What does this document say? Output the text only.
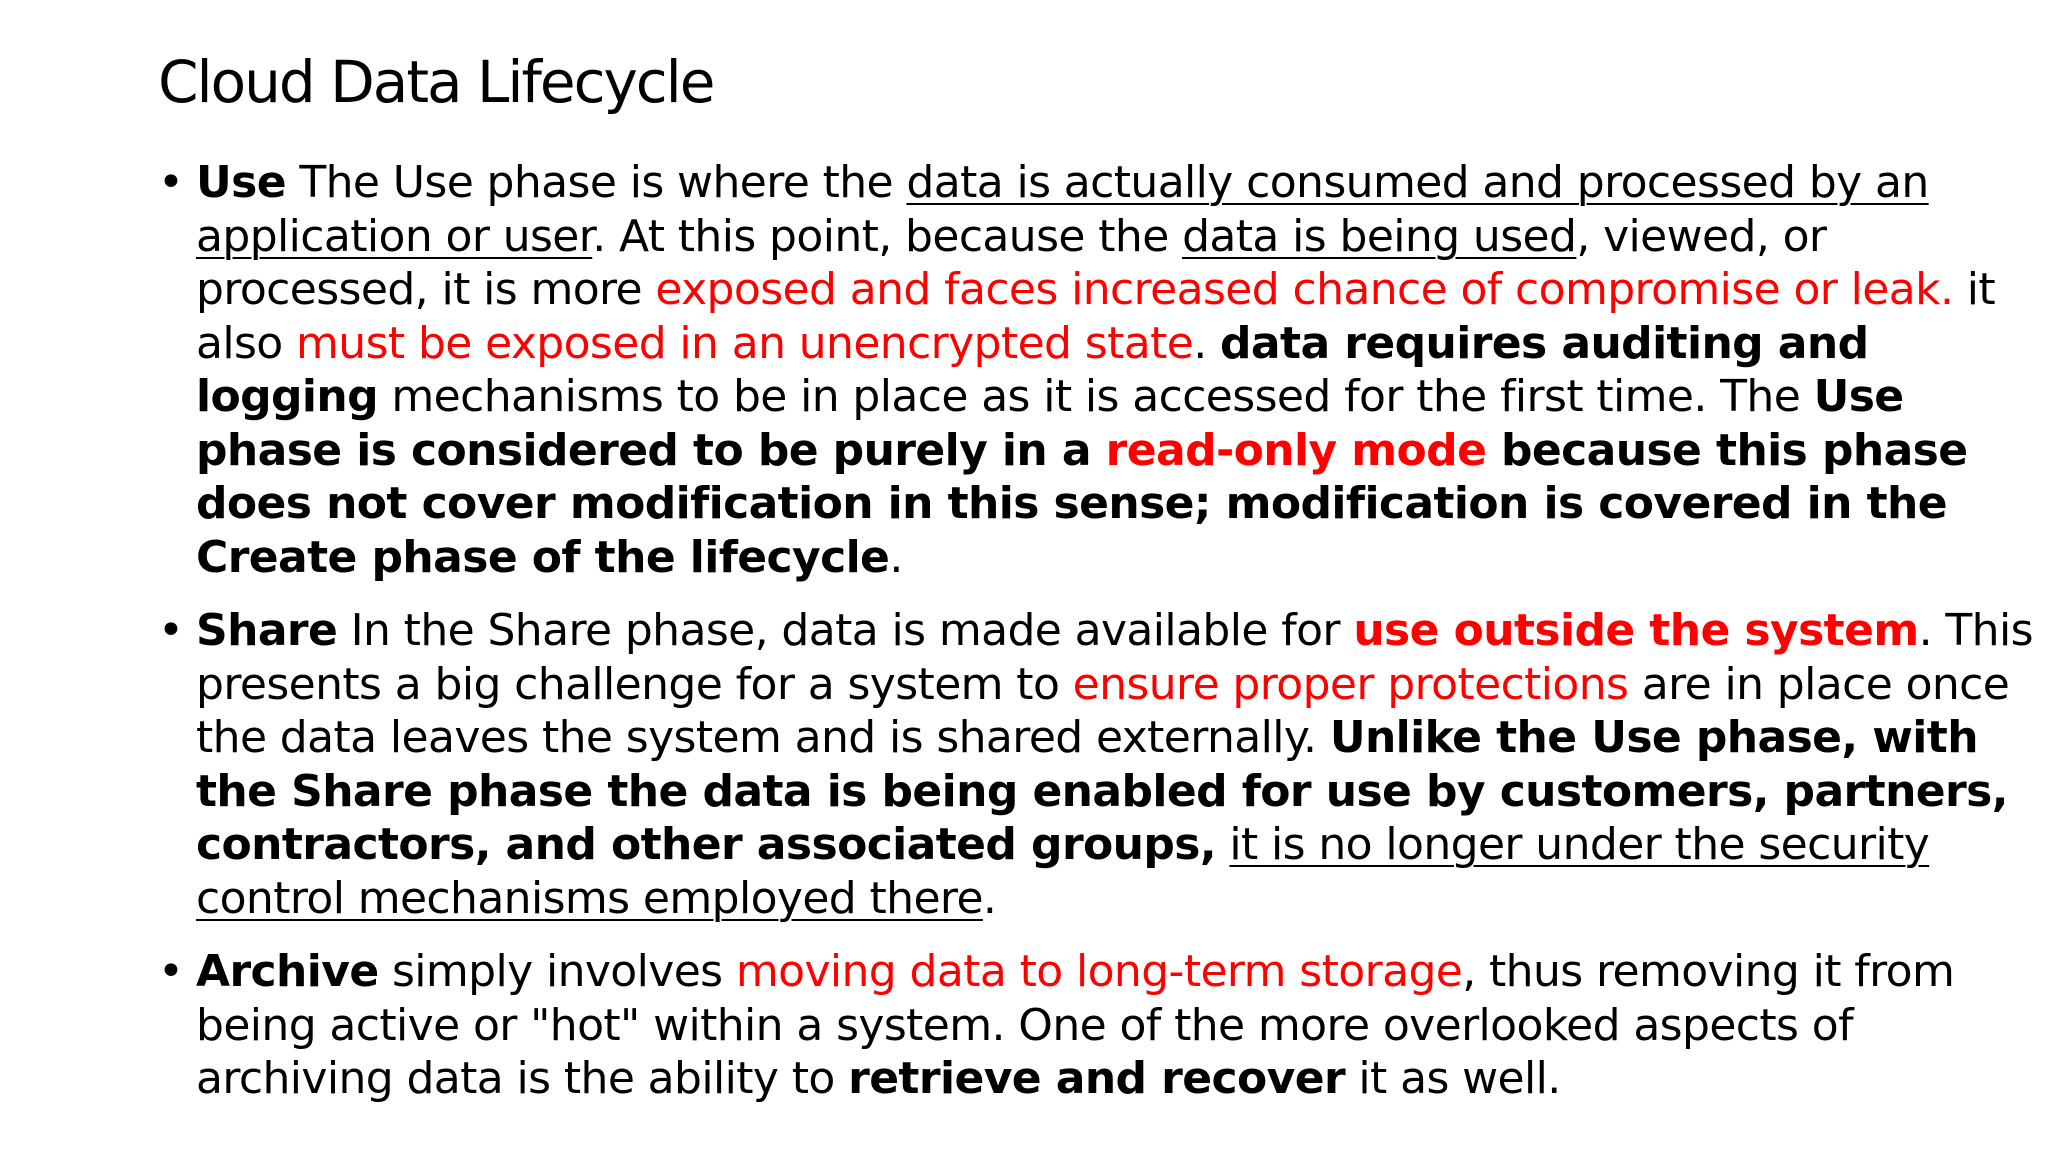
Cloud Data Lifecycle
• Use The Use phase is where the data is actually consumed and processed by an application or user. At this point, because the data is being used, viewed, or processed, it is more exposed and faces increased chance of compromise or leak. it also must be exposed in an unencrypted state. data requires auditing and logging mechanisms to be in place as it is accessed for the first time. The Use phase is considered to be purely in a read-only mode because this phase does not cover modification in this sense; modification is covered in the Create phase of the lifecycle.
• Share In the Share phase, data is made available for use outside the system. This presents a big challenge for a system to ensure proper protections are in place once the data leaves the system and is shared externally. Unlike the Use phase, with the Share phase the data is being enabled for use by customers, partners, contractors, and other associated groups, it is no longer under the security control mechanisms employed there.
• Archive simply involves moving data to long-term storage, thus removing it from being active or "hot" within a system. One of the more overlooked aspects of archiving data is the ability to retrieve and recover it as well.
